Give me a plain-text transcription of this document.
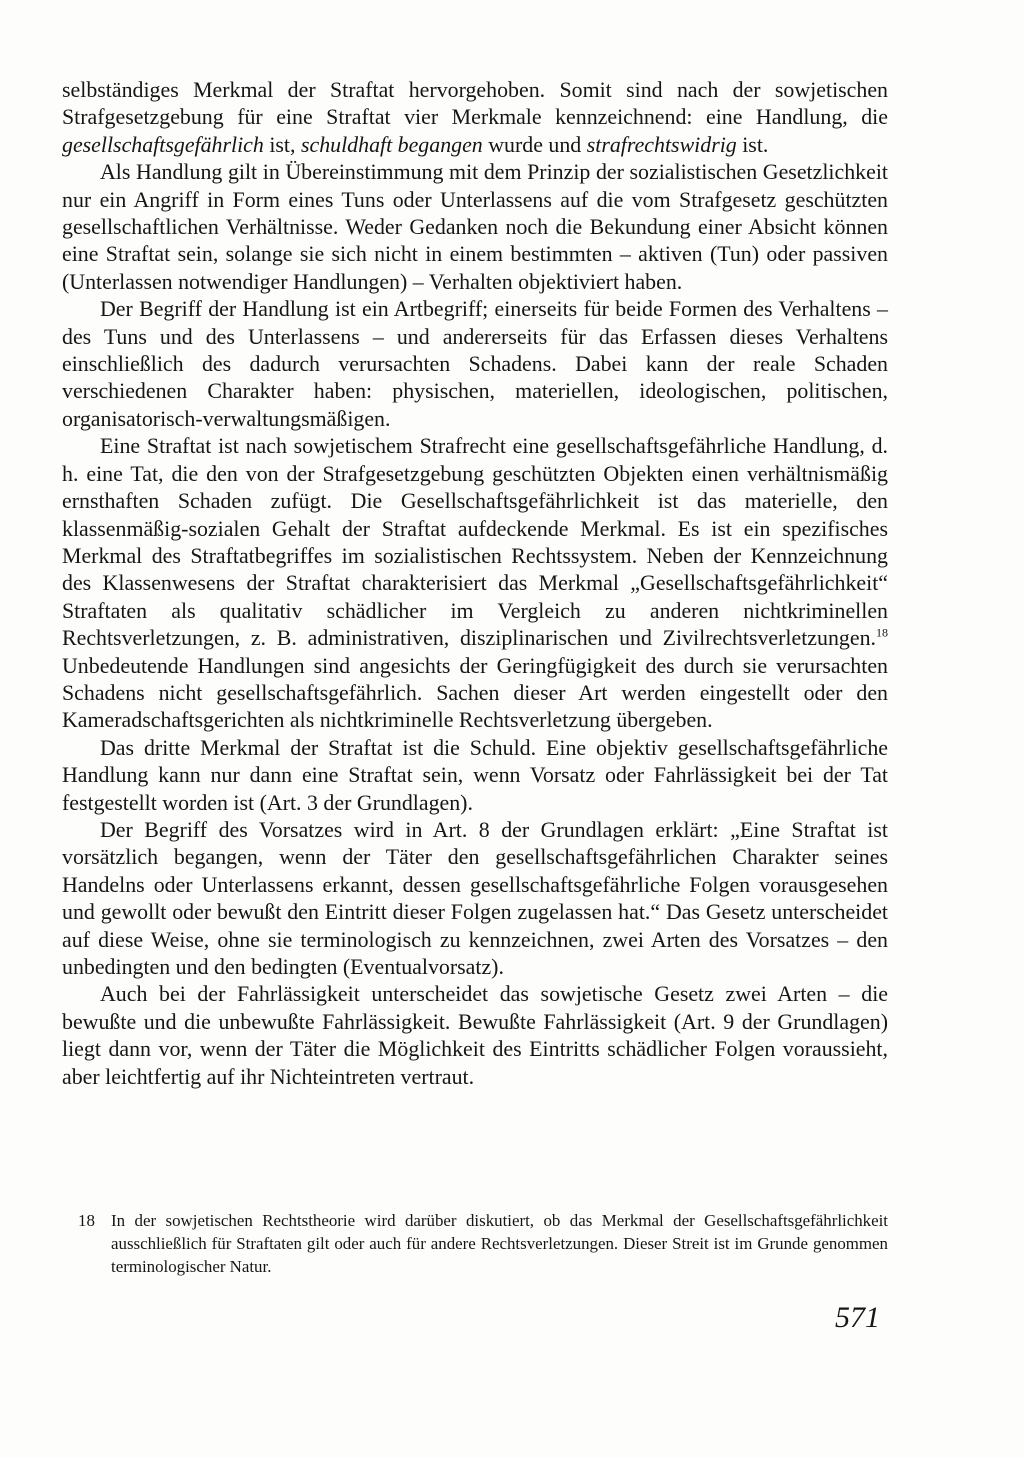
selbständiges Merkmal der Straftat hervorgehoben. Somit sind nach der sowjetischen Strafgesetzgebung für eine Straftat vier Merkmale kennzeichnend: eine Handlung, die gesellschaftsgefährlich ist, schuldhaft begangen wurde und strafrechtswidrig ist.

Als Handlung gilt in Übereinstimmung mit dem Prinzip der sozialistischen Gesetzlichkeit nur ein Angriff in Form eines Tuns oder Unterlassens auf die vom Strafgesetz geschützten gesellschaftlichen Verhältnisse. Weder Gedanken noch die Bekundung einer Absicht können eine Straftat sein, solange sie sich nicht in einem bestimmten – aktiven (Tun) oder passiven (Unterlassen notwendiger Handlungen) – Verhalten objektiviert haben.

Der Begriff der Handlung ist ein Artbegriff; einerseits für beide Formen des Verhaltens – des Tuns und des Unterlassens – und andererseits für das Erfassen dieses Verhaltens einschließlich des dadurch verursachten Schadens. Dabei kann der reale Schaden verschiedenen Charakter haben: physischen, materiellen, ideologischen, politischen, organisatorisch-verwaltungsmäßigen.

Eine Straftat ist nach sowjetischem Strafrecht eine gesellschaftsgefährliche Handlung, d. h. eine Tat, die den von der Strafgesetzgebung geschützten Objekten einen verhältnismäßig ernsthaften Schaden zufügt. Die Gesellschaftsgefährlichkeit ist das materielle, den klassenmäßig-sozialen Gehalt der Straftat aufdeckende Merkmal. Es ist ein spezifisches Merkmal des Straftatbegriffes im sozialistischen Rechtssystem. Neben der Kennzeichnung des Klassenwesens der Straftat charakterisiert das Merkmal „Gesellschaftsgefährlichkeit“ Straftaten als qualitativ schädlicher im Vergleich zu anderen nichtkriminellen Rechtsverletzungen, z. B. administrativen, disziplinarischen und Zivilrechtsverletzungen.$^{18}$ Unbedeutende Handlungen sind angesichts der Geringfügigkeit des durch sie verursachten Schadens nicht gesellschaftsgefährlich. Sachen dieser Art werden eingestellt oder den Kameradschaftsgerichten als nichtkriminelle Rechtsverletzung übergeben.

Das dritte Merkmal der Straftat ist die Schuld. Eine objektiv gesellschaftsgefährliche Handlung kann nur dann eine Straftat sein, wenn Vorsatz oder Fahrlässigkeit bei der Tat festgestellt worden ist (Art. 3 der Grundlagen).

Der Begriff des Vorsatzes wird in Art. 8 der Grundlagen erklärt: „Eine Straftat ist vorsätzlich begangen, wenn der Täter den gesellschaftsgefährlichen Charakter seines Handelns oder Unterlassens erkannt, dessen gesellschaftsgefährliche Folgen vorausgesehen und gewollt oder bewußt den Eintritt dieser Folgen zugelassen hat.“ Das Gesetz unterscheidet auf diese Weise, ohne sie terminologisch zu kennzeichnen, zwei Arten des Vorsatzes – den unbedingten und den bedingten (Eventualvorsatz).

Auch bei der Fahrlässigkeit unterscheidet das sowjetische Gesetz zwei Arten – die bewußte und die unbewußte Fahrlässigkeit. Bewußte Fahrlässigkeit (Art. 9 der Grundlagen) liegt dann vor, wenn der Täter die Möglichkeit des Eintritts schädlicher Folgen voraussieht, aber leichtfertig auf ihr Nichteintreten vertraut.

18 In der sowjetischen Rechtstheorie wird darüber diskutiert, ob das Merkmal der Gesellschaftsgefährlichkeit ausschließlich für Straftaten gilt oder auch für andere Rechtsverletzungen. Dieser Streit ist im Grunde genommen terminologischer Natur.
571
